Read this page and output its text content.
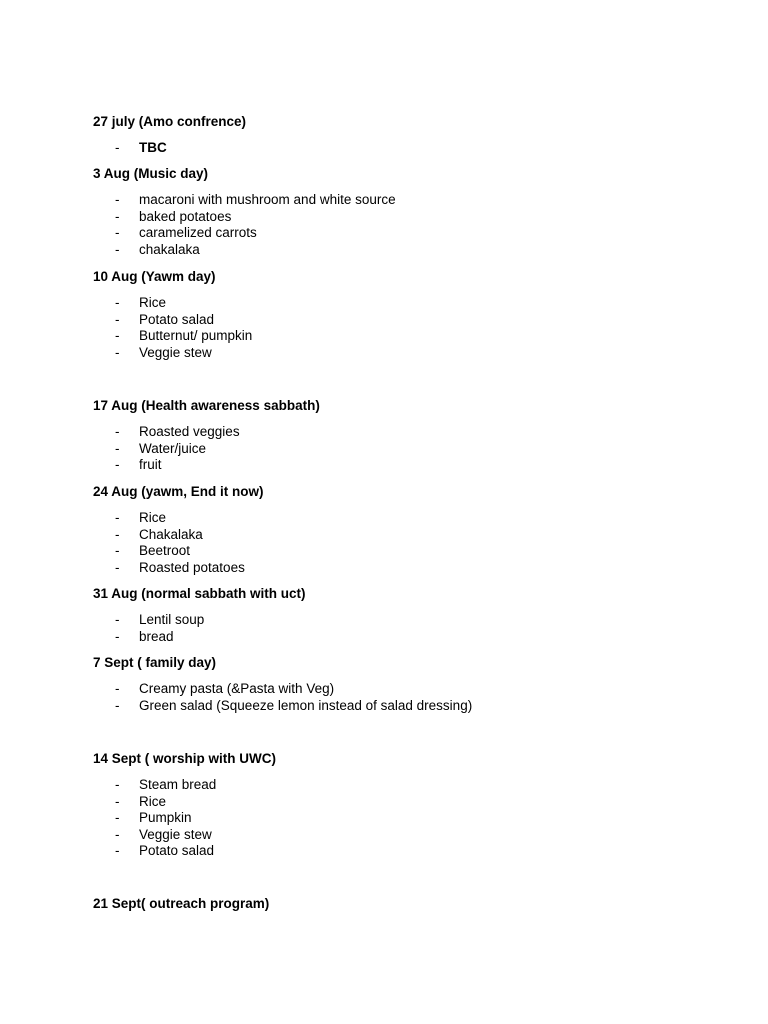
27 july (Amo confrence)

- TBC

3 Aug (Music day)

- macaroni with mushroom and white source
- baked potatoes
- caramelized carrots
- chakalaka

10 Aug (Yawm day)

- Rice
- Potato salad
- Butternut/ pumpkin
- Veggie stew

17 Aug (Health awareness sabbath)

- Roasted veggies
- Water/juice
- fruit

24 Aug (yawm, End it now)

- Rice
- Chakalaka
- Beetroot
- Roasted potatoes

31 Aug (normal sabbath with uct)

- Lentil soup
- bread

7 Sept ( family day)

- Creamy pasta (&Pasta with Veg)
- Green salad (Squeeze lemon instead of salad dressing)

14 Sept ( worship with UWC)

- Steam bread
- Rice
- Pumpkin
- Veggie stew
- Potato salad

21 Sept( outreach program)
